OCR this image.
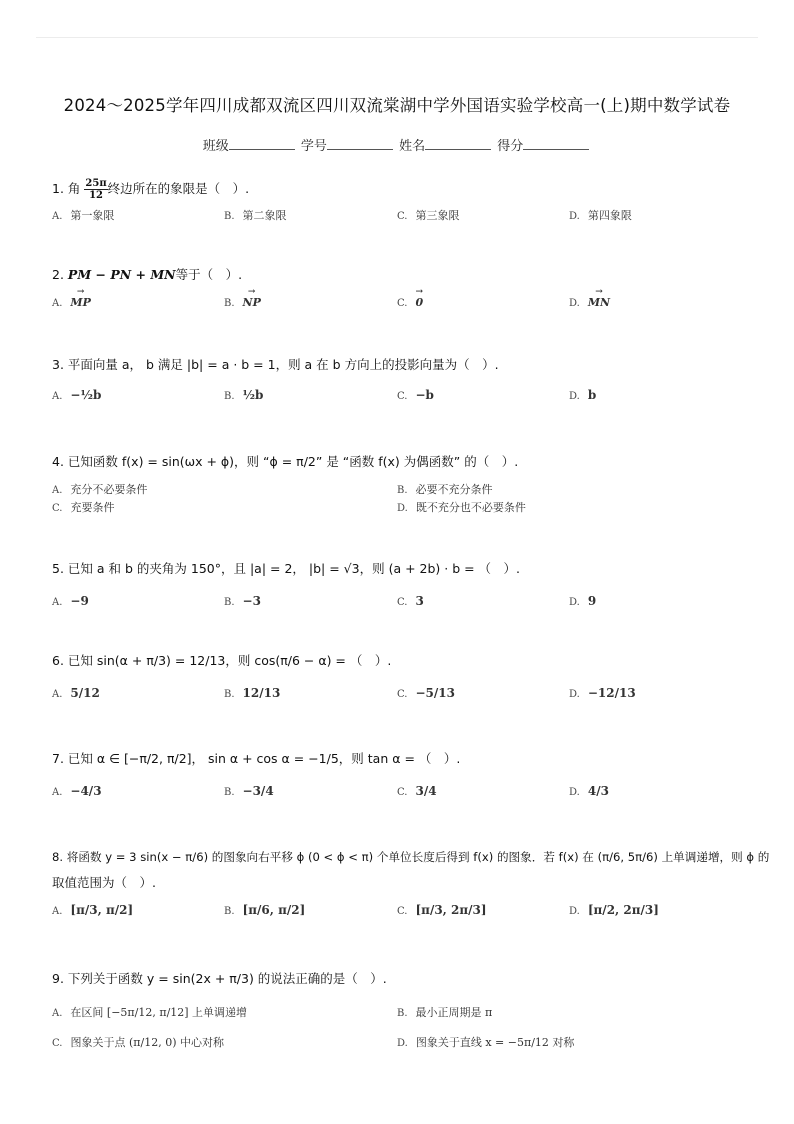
2024～2025学年四川成都双流区四川双流棠湖中学外国语实验学校高一(上)期中数学试卷
班级	学号	姓名	得分
1. 角 $\frac{25\pi}{12}$ 终边所在的象限是（　）.
A. 第一象限	B. 第二象限	C. 第三象限	D. 第四象限
2. PM − PN + MN等于（　）.
A. → MP	B. → NP	C. → 0	D. → MN
3. 平面向量 a， b 满足 |b| = a · b = 1，则 a 在 b 方向上的投影向量为（　）.
A. −½b	B. ½b	C. −b	D. b
4. 已知函数 f(x) = sin(ωx + ϕ)，则 “ϕ = π/2” 是 “函数 f(x) 为偶函数” 的（　）.
A. 充分不必要条件	B. 必要不充分条件
C. 充要条件	D. 既不充分也不必要条件
5. 已知 a 和 b 的夹角为 150°，且 |a| = 2， |b| = √3，则 (a + 2b) · b = （　）.
A. −9	B. −3	C. 3	D. 9
6. 已知 sin(α + π/3) = 12/13，则 cos(π/6 − α) = （　）.
A. 5/12	B. 12/13	C. −5/13	D. −12/13
7. 已知 α ∈ [−π/2, π/2]， sin α + cos α = −1/5，则 tan α = （　）.
A. −4/3	B. −3/4	C. 3/4	D. 4/3
8. 将函数 y = 3 sin(x − π/6) 的图象向右平移 ϕ (0 < ϕ < π) 个单位长度后得到 f(x) 的图象．若 f(x) 在 (π/6, 5π/6) 上单调递增，则 ϕ 的
取值范围为（　）.
A. [π/3, π/2]	B. [π/6, π/2]	C. [π/3, 2π/3]	D. [π/2, 2π/3]
9. 下列关于函数 y = sin(2x + π/3) 的说法正确的是（　）.
A. 在区间 [−5π/12, π/12] 上单调递增	B. 最小正周期是 π
C. 图象关于点 (π/12, 0) 中心对称	D. 图象关于直线 x = −5π/12 对称
